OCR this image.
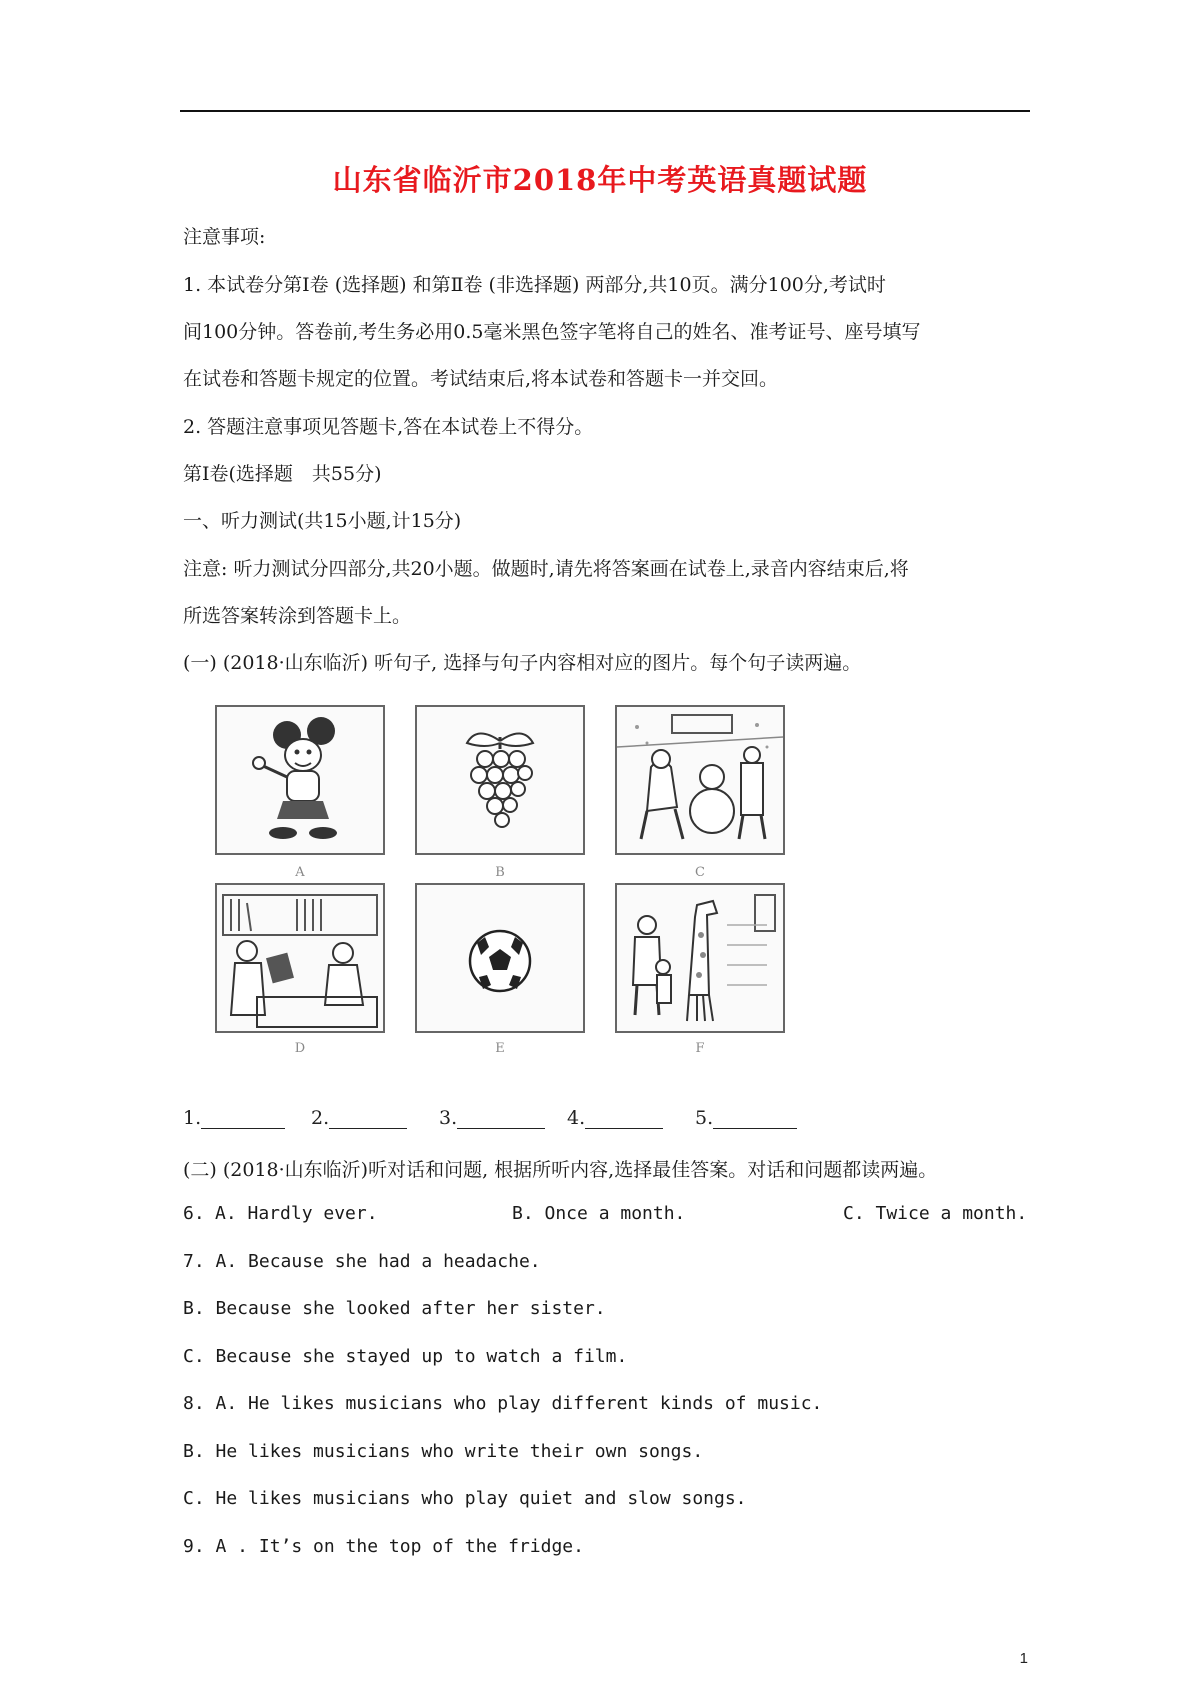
山东省临沂市2018年中考英语真题试题
注意事项:
1. 本试卷分第Ⅰ卷 (选择题) 和第Ⅱ卷 (非选择题) 两部分,共10页。满分100分,考试时
间100分钟。答卷前,考生务必用0.5毫米黑色签字笔将自己的姓名、准考证号、座号填写
在试卷和答题卡规定的位置。考试结束后,将本试卷和答题卡一并交回。
2. 答题注意事项见答题卡,答在本试卷上不得分。
第Ⅰ卷(选择题　共55分)
一、听力测试(共15小题,计15分)
注意: 听力测试分四部分,共20小题。做题时,请先将答案画在试卷上,录音内容结束后,将
所选答案转涂到答题卡上。
(一) (2018·山东临沂) 听句子, 选择与句子内容相对应的图片。每个句子读两遍。
A	B	C
D	E	F
1.	2.	3.	4.	5.
(二) (2018·山东临沂)听对话和问题, 根据所听内容,选择最佳答案。对话和问题都读两遍。
6. A. Hardly ever.	B. Once a month.	C. Twice a month.
7. A. Because she had a headache.
B. Because she looked after her sister.
C. Because she stayed up to watch a film.
8. A. He likes musicians who play different kinds of music.
B. He likes musicians who write their own songs.
C. He likes musicians who play quiet and slow songs.
9. A . It’s on the top of the fridge.
1
